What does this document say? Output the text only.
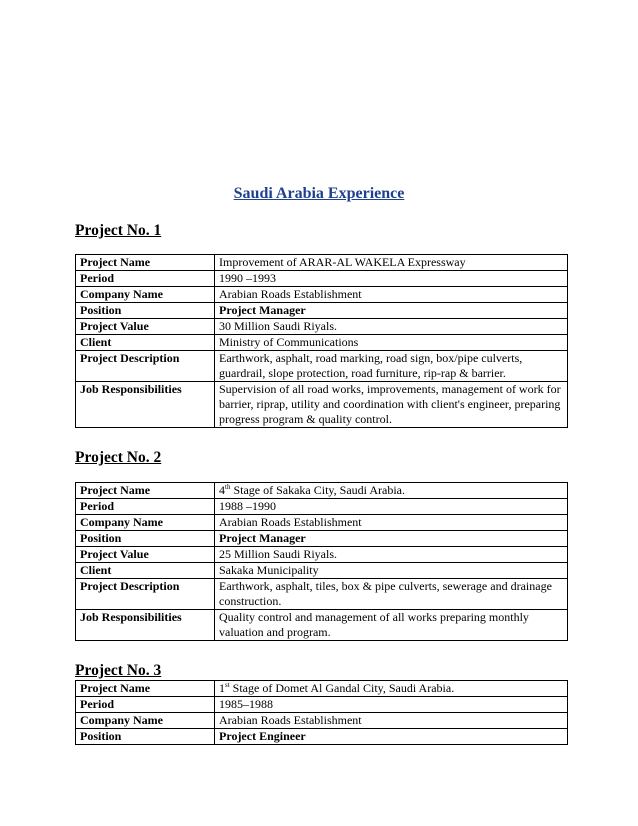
Saudi Arabia Experience
Project No. 1
Project Name	Improvement of ARAR-AL WAKELA Expressway
Period	1990 –1993
Company Name	Arabian Roads Establishment
Position	Project Manager
Project Value	30 Million Saudi Riyals.
Client	Ministry of Communications
Project Description	Earthwork, asphalt, road marking, road sign, box/pipe culverts, guardrail, slope protection, road furniture, rip-rap & barrier.
Job Responsibilities	Supervision of all road works, improvements, management of work for barrier, riprap, utility and coordination with client's engineer, preparing progress program & quality control.
Project No. 2
Project Name	4th Stage of Sakaka City, Saudi Arabia.
Period	1988 –1990
Company Name	Arabian Roads Establishment
Position	Project Manager
Project Value	25 Million Saudi Riyals.
Client	Sakaka Municipality
Project Description	Earthwork, asphalt, tiles, box & pipe culverts, sewerage and drainage construction.
Job Responsibilities	Quality control and management of all works preparing monthly valuation and program.
Project No. 3
Project Name	1st Stage of Domet Al Gandal City, Saudi Arabia.
Period	1985–1988
Company Name	Arabian Roads Establishment
Position	Project Engineer
